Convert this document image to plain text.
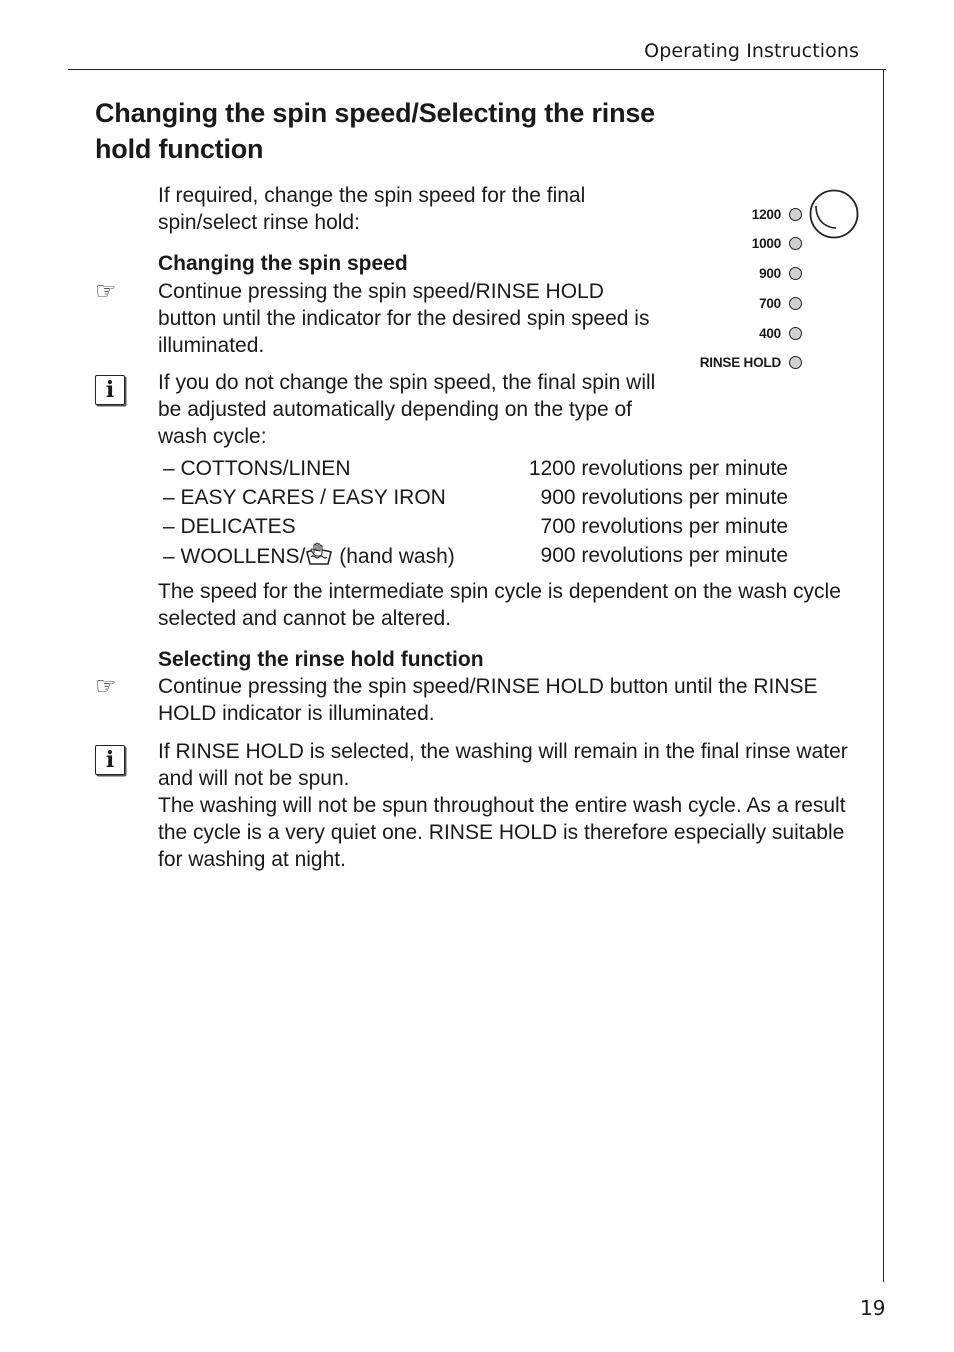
Operating Instructions
Changing the spin speed/Selecting the rinse hold function
If required, change the spin speed for the final spin/select rinse hold:
Changing the spin speed
☞ Continue pressing the spin speed/RINSE HOLD button until the indicator for the desired spin speed is illuminated.
i	If you do not change the spin speed, the final spin will be adjusted automatically depending on the type of wash cycle:
– COTTONS/LINEN	1200 revolutions per minute
– EASY CARES / EASY IRON	900 revolutions per minute
– DELICATES	700 revolutions per minute
– WOOLLENS/ (hand wash)	900 revolutions per minute
The speed for the intermediate spin cycle is dependent on the wash cycle selected and cannot be altered.
Selecting the rinse hold function
☞ Continue pressing the spin speed/RINSE HOLD button until the RINSE HOLD indicator is illuminated.
i	If RINSE HOLD is selected, the washing will remain in the final rinse water and will not be spun.
The washing will not be spun throughout the entire wash cycle. As a result the cycle is a very quiet one. RINSE HOLD is therefore especially suitable for washing at night.
1200
1000
900
700
400
RINSE HOLD
19
